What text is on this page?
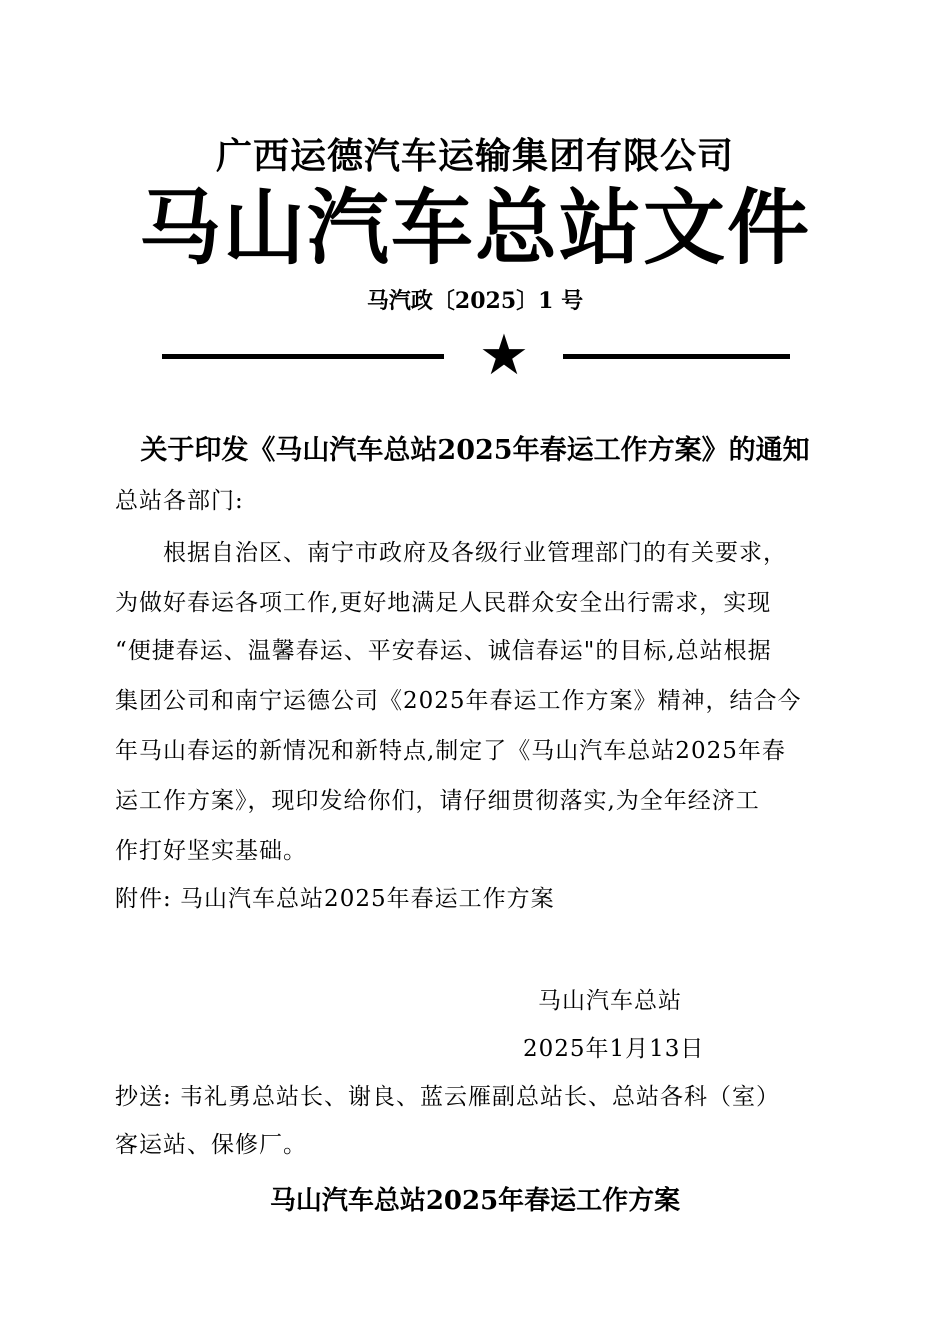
广西运德汽车运输集团有限公司
马山汽车总站文件
马汽政〔2025〕1 号
★
关于印发《马山汽车总站2025年春运工作方案》的通知
总站各部门:
　　根据自治区、南宁市政府及各级行业管理部门的有关要求，
为做好春运各项工作,更好地满足人民群众安全出行需求，实现
“便捷春运、温馨春运、平安春运、诚信春运"的目标,总站根据
集团公司和南宁运德公司《2025年春运工作方案》精神，结合今
年马山春运的新情况和新特点,制定了《马山汽车总站2025年春
运工作方案》，现印发给你们，请仔细贯彻落实,为全年经济工
作打好坚实基础。
附件: 马山汽车总站2025年春运工作方案
马山汽车总站
2025年1月13日
抄送: 韦礼勇总站长、谢良、蓝云雁副总站长、总站各科（室）
客运站、保修厂。
马山汽车总站2025年春运工作方案
